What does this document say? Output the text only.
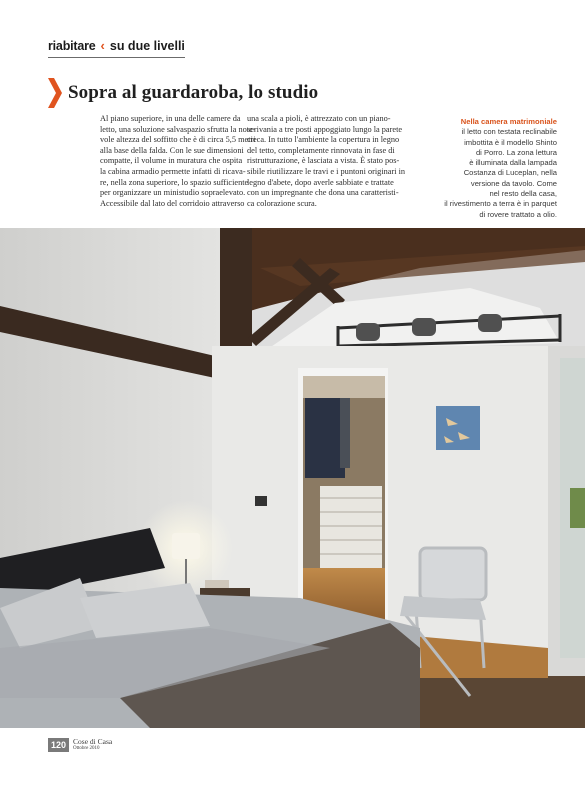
riabitare ‹ su due livelli
Sopra al guardaroba, lo studio

Al piano superiore, in una delle camere da

letto, una soluzione salvaspazio sfrutta la note-

vole altezza del soffitto che è di circa 5,5 metri

alla base della falda. Con le sue dimensioni

compatte, il volume in muratura che ospita

la cabina armadio permette infatti di ricava-

re, nella zona superiore, lo spazio sufficiente

per organizzare un ministudio sopraelevato.

Accessibile dal lato del corridoio attraverso

una scala a pioli, è attrezzato con un piano-

scrivania a tre posti appoggiato lungo la parete

cieca. In tutto l'ambiente la copertura in legno

del tetto, completamente rinnovata in fase di

ristrutturazione, è lasciata a vista. È stato pos-

sibile riutilizzare le travi e i puntoni originari in

legno d'abete, dopo averle sabbiate e trattate

con un impregnante che dona una caratteristi-

ca colorazione scura.

Nella camera matrimoniale

il letto con testata reclinabile

imbottita è il modello Shinto

di Porro. La zona lettura

è illuminata dalla lampada

Costanza di Luceplan, nella

versione da tavolo. Come

nel resto della casa,

il rivestimento a terra è in parquet

di rovere trattato a olio.

120 Cose di Casa
Ottobre 2010
